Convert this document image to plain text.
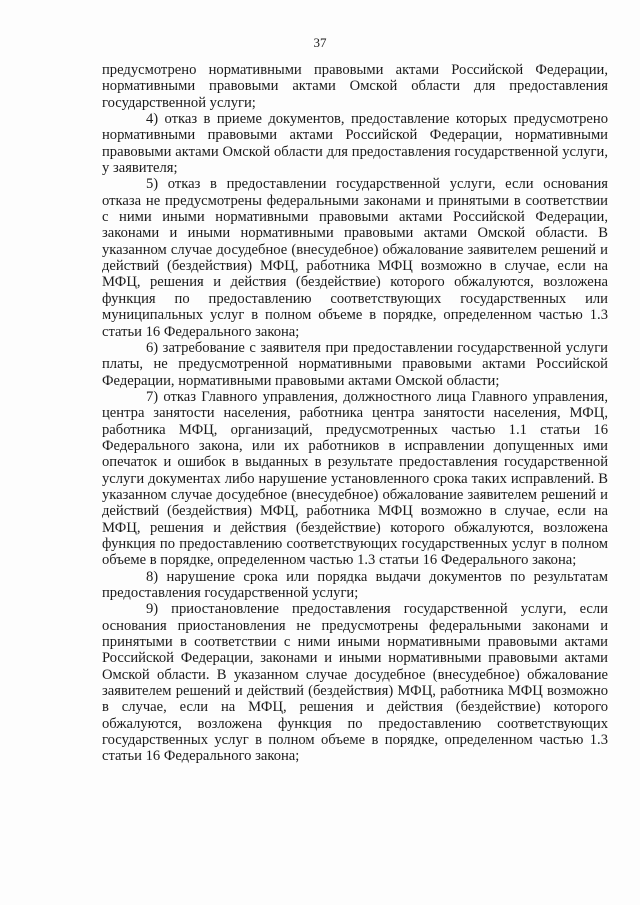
37

предусмотрено нормативными правовыми актами Российской Федерации, нормативными правовыми актами Омской области для предоставления государственной услуги;

4) отказ в приеме документов, предоставление которых предусмотрено нормативными правовыми актами Российской Федерации, нормативными правовыми актами Омской области для предоставления государственной услуги, у заявителя;

5) отказ в предоставлении государственной услуги, если основания отказа не предусмотрены федеральными законами и принятыми в соответствии с ними иными нормативными правовыми актами Российской Федерации, законами и иными нормативными правовыми актами Омской области. В указанном случае досудебное (внесудебное) обжалование заявителем решений и действий (бездействия) МФЦ, работника МФЦ возможно в случае, если на МФЦ, решения и действия (бездействие) которого обжалуются, возложена функция по предоставлению соответствующих государственных или муниципальных услуг в полном объеме в порядке, определенном частью 1.3 статьи 16 Федерального закона;

6) затребование с заявителя при предоставлении государственной услуги платы, не предусмотренной нормативными правовыми актами Российской Федерации, нормативными правовыми актами Омской области;

7) отказ Главного управления, должностного лица Главного управления, центра занятости населения, работника центра занятости населения, МФЦ, работника МФЦ, организаций, предусмотренных частью 1.1 статьи 16 Федерального закона, или их работников в исправлении допущенных ими опечаток и ошибок в выданных в результате предоставления государственной услуги документах либо нарушение установленного срока таких исправлений. В указанном случае досудебное (внесудебное) обжалование заявителем решений и действий (бездействия) МФЦ, работника МФЦ возможно в случае, если на МФЦ, решения и действия (бездействие) которого обжалуются, возложена функция по предоставлению соответствующих государственных услуг в полном объеме в порядке, определенном частью 1.3 статьи 16 Федерального закона;

8) нарушение срока или порядка выдачи документов по результатам предоставления государственной услуги;

9) приостановление предоставления государственной услуги, если основания приостановления не предусмотрены федеральными законами и принятыми в соответствии с ними иными нормативными правовыми актами Российской Федерации, законами и иными нормативными правовыми актами Омской области. В указанном случае досудебное (внесудебное) обжалование заявителем решений и действий (бездействия) МФЦ, работника МФЦ возможно в случае, если на МФЦ, решения и действия (бездействие) которого обжалуются, возложена функция по предоставлению соответствующих государственных услуг в полном объеме в порядке, определенном частью 1.3 статьи 16 Федерального закона;
